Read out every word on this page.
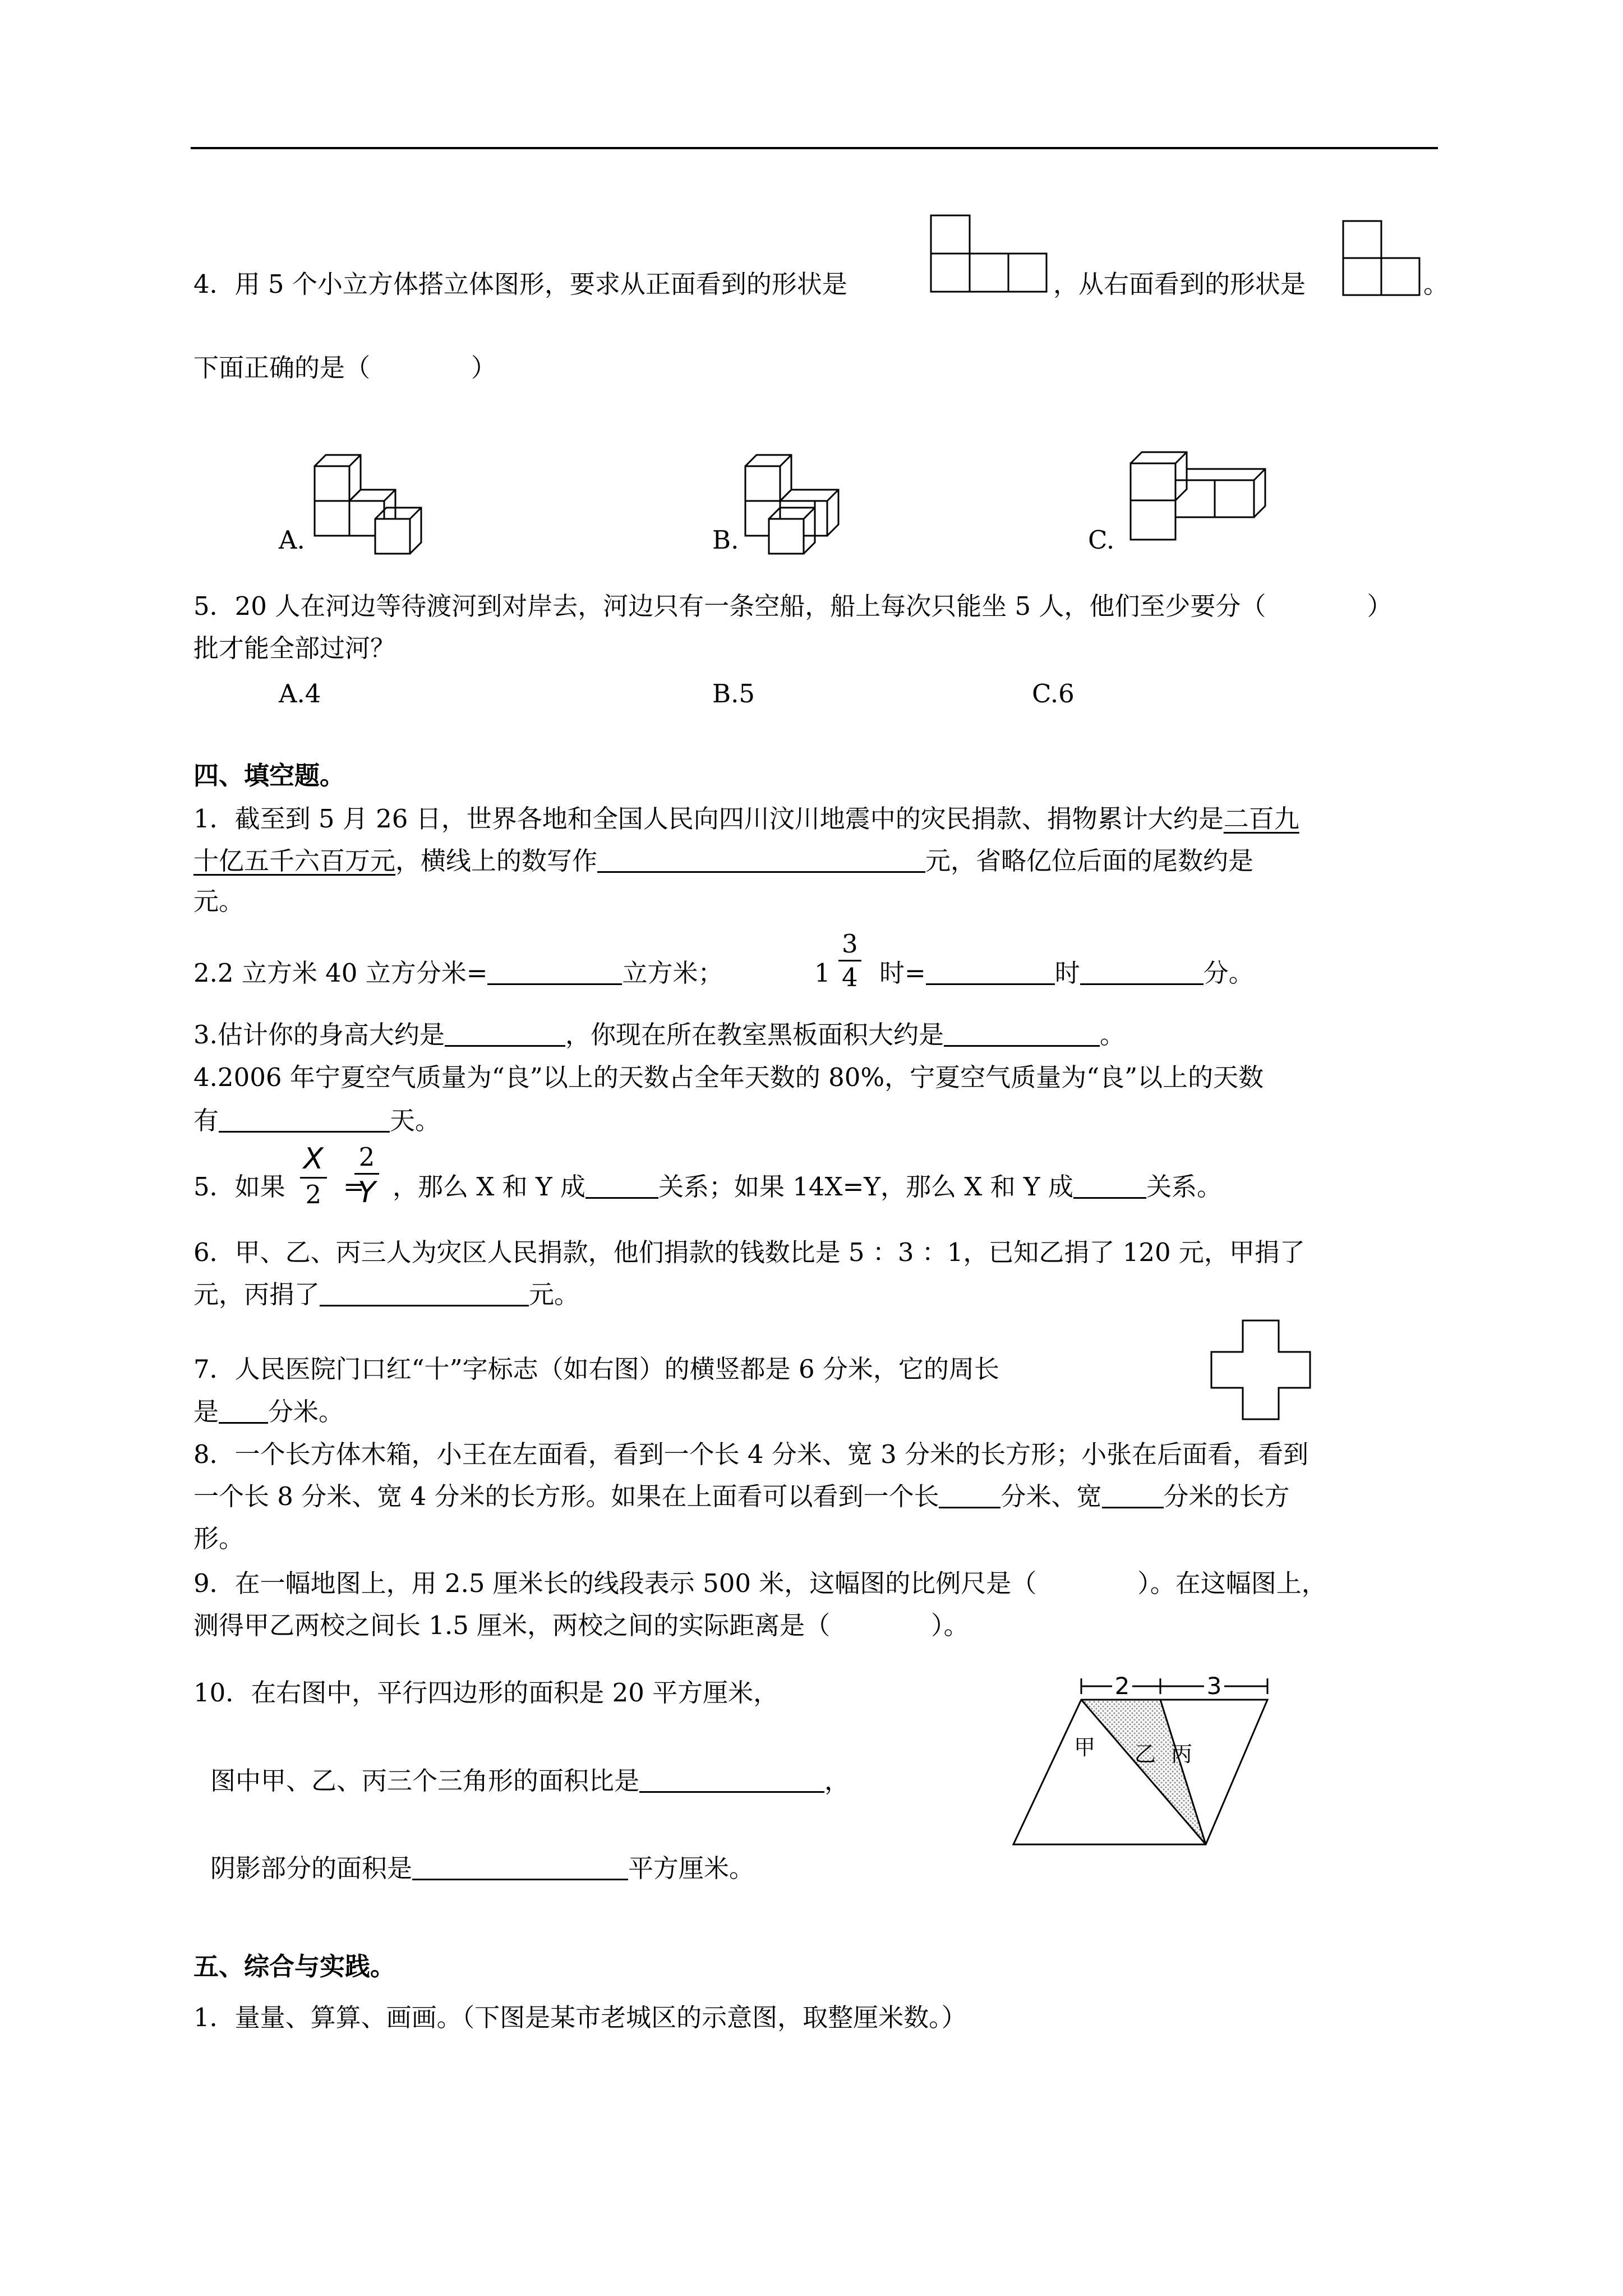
4．用 5 个小立方体搭立体图形，要求从正面看到的形状是	，从右面看到的形状是	。
下面正确的是（　　　　）
A.	B.	C.
5．20 人在河边等待渡河到对岸去，河边只有一条空船，船上每次只能坐 5 人，他们至少要分（　　　　）
批才能全部过河？
A.4	B.5	C.6
四、填空题。
1．截至到 5 月 26 日，世界各地和全国人民向四川汶川地震中的灾民捐款、捐物累计大约是二百九
十亿五千六百万元，横线上的数写作	元，省略亿位后面的尾数约是
元。
2.2 立方米 40 立方分米=	立方米；	$1 \frac{3}{4}$ 时=	时	分。
3.估计你的身高大约是	，你现在所在教室黑板面积大约是	。
4.2006 年宁夏空气质量为“良”以上的天数占全年天数的 80%，宁夏空气质量为“良”以上的天数
有	天。
5．如果 $\frac{X}{2}$ =
$\frac{2}{Y}$ ，那么 X 和 Y 成	关系；如果 14X=Y，那么 X 和 Y 成	关系。
6．甲、乙、丙三人为灾区人民捐款，他们捐款的钱数比是 5 ：3 ：1，已知乙捐了 120 元，甲捐了
元，丙捐了	元。
7．人民医院门口红“十”字标志（如右图）的横竖都是 6 分米，它的周长
是 分米。
8．一个长方体木箱，小王在左面看，看到一个长 4 分米、宽 3 分米的长方形；小张在后面看，看到
一个长 8 分米、宽 4 分米的长方形。如果在上面看可以看到一个长 分米、宽 分米的长方
形。
9．在一幅地图上，用 2.5 厘米长的线段表示 500 米，这幅图的比例尺是（　　　　）。在这幅图上，
测得甲乙两校之间长 1.5 厘米，两校之间的实际距离是（　　　　）。
10．在右图中，平行四边形的面积是 20 平方厘米，
图中甲、乙、丙三个三角形的面积比是	，
阴影部分的面积是	平方厘米。
2	3
甲 乙 丙
五、综合与实践。
1．量量、算算、画画。（下图是某市老城区的示意图，取整厘米数。）
